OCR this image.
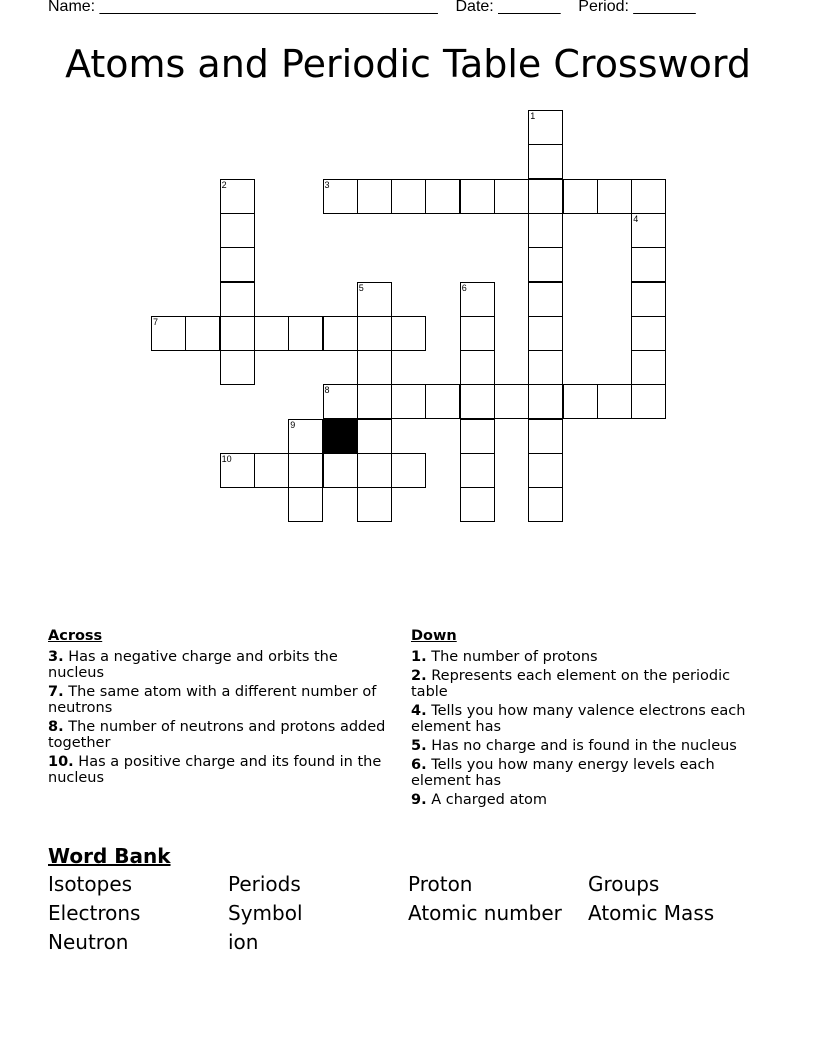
Name: ______________________________________ Date: _______ Period: _______
Atoms and Periodic Table Crossword
1
2	3
4
5	6
7
8
9
10
Across
3. Has a negative charge and orbits the nucleus
7. The same atom with a different number of neutrons
8. The number of neutrons and protons added together
10. Has a positive charge and its found in the nucleus
Down
1. The number of protons
2. Represents each element on the periodic table
4. Tells you how many valence electrons each element has
5. Has no charge and is found in the nucleus
6. Tells you how many energy levels each element has
9. A charged atom
Word Bank
Isotopes	Periods	Proton	Groups
Electrons	Symbol	Atomic number	Atomic Mass
Neutron	ion
